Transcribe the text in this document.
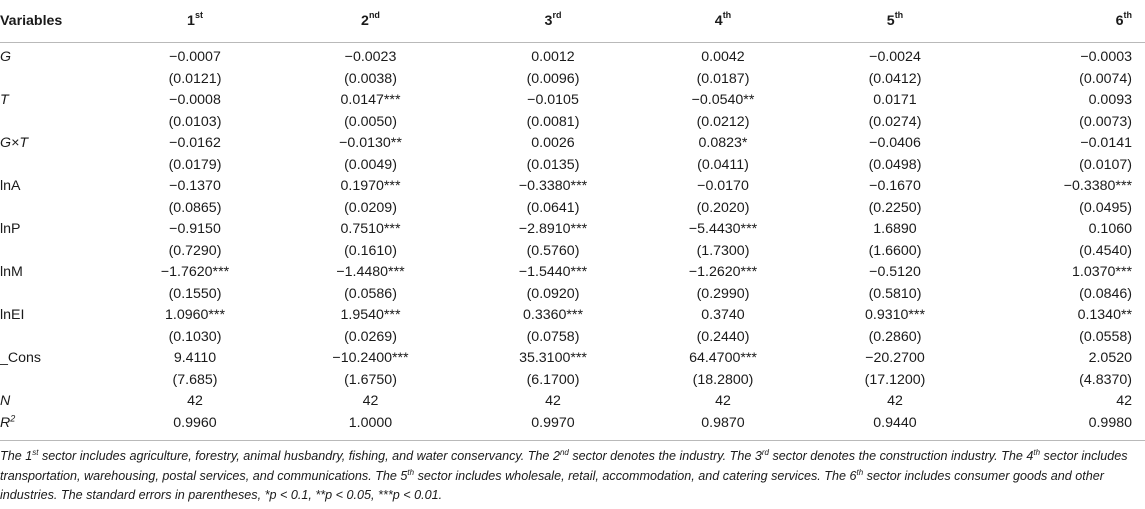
Variables	1st	2nd	3rd	4th	5th	6th
G	−0.0007	−0.0023	0.0012	0.0042	−0.0024	−0.0003
	(0.0121)	(0.0038)	(0.0096)	(0.0187)	(0.0412)	(0.0074)
T	−0.0008	0.0147***	−0.0105	−0.0540**	0.0171	0.0093
	(0.0103)	(0.0050)	(0.0081)	(0.0212)	(0.0274)	(0.0073)
G×T	−0.0162	−0.0130**	0.0026	0.0823*	−0.0406	−0.0141
	(0.0179)	(0.0049)	(0.0135)	(0.0411)	(0.0498)	(0.0107)
lnA	−0.1370	0.1970***	−0.3380***	−0.0170	−0.1670	−0.3380***
	(0.0865)	(0.0209)	(0.0641)	(0.2020)	(0.2250)	(0.0495)
lnP	−0.9150	0.7510***	−2.8910***	−5.4430***	1.6890	0.1060
	(0.7290)	(0.1610)	(0.5760)	(1.7300)	(1.6600)	(0.4540)
lnM	−1.7620***	−1.4480***	−1.5440***	−1.2620***	−0.5120	1.0370***
	(0.1550)	(0.0586)	(0.0920)	(0.2990)	(0.5810)	(0.0846)
lnEI	1.0960***	1.9540***	0.3360***	0.3740	0.9310***	0.1340**
	(0.1030)	(0.0269)	(0.0758)	(0.2440)	(0.2860)	(0.0558)
_Cons	9.4110	−10.2400***	35.3100***	64.4700***	−20.2700	2.0520
	(7.685)	(1.6750)	(6.1700)	(18.2800)	(17.1200)	(4.8370)
N	42	42	42	42	42	42
$R^2$	0.9960	1.0000	0.9970	0.9870	0.9440	0.9980
The 1st sector includes agriculture, forestry, animal husbandry, fishing, and water conservancy. The 2nd sector denotes the industry. The 3rd sector denotes the construction industry. The 4th sector includes transportation, warehousing, postal services, and communications. The 5th sector includes wholesale, retail, accommodation, and catering services. The 6th sector includes consumer goods and other industries. The standard errors in parentheses, *p < 0.1, **p < 0.05, ***p < 0.01.
